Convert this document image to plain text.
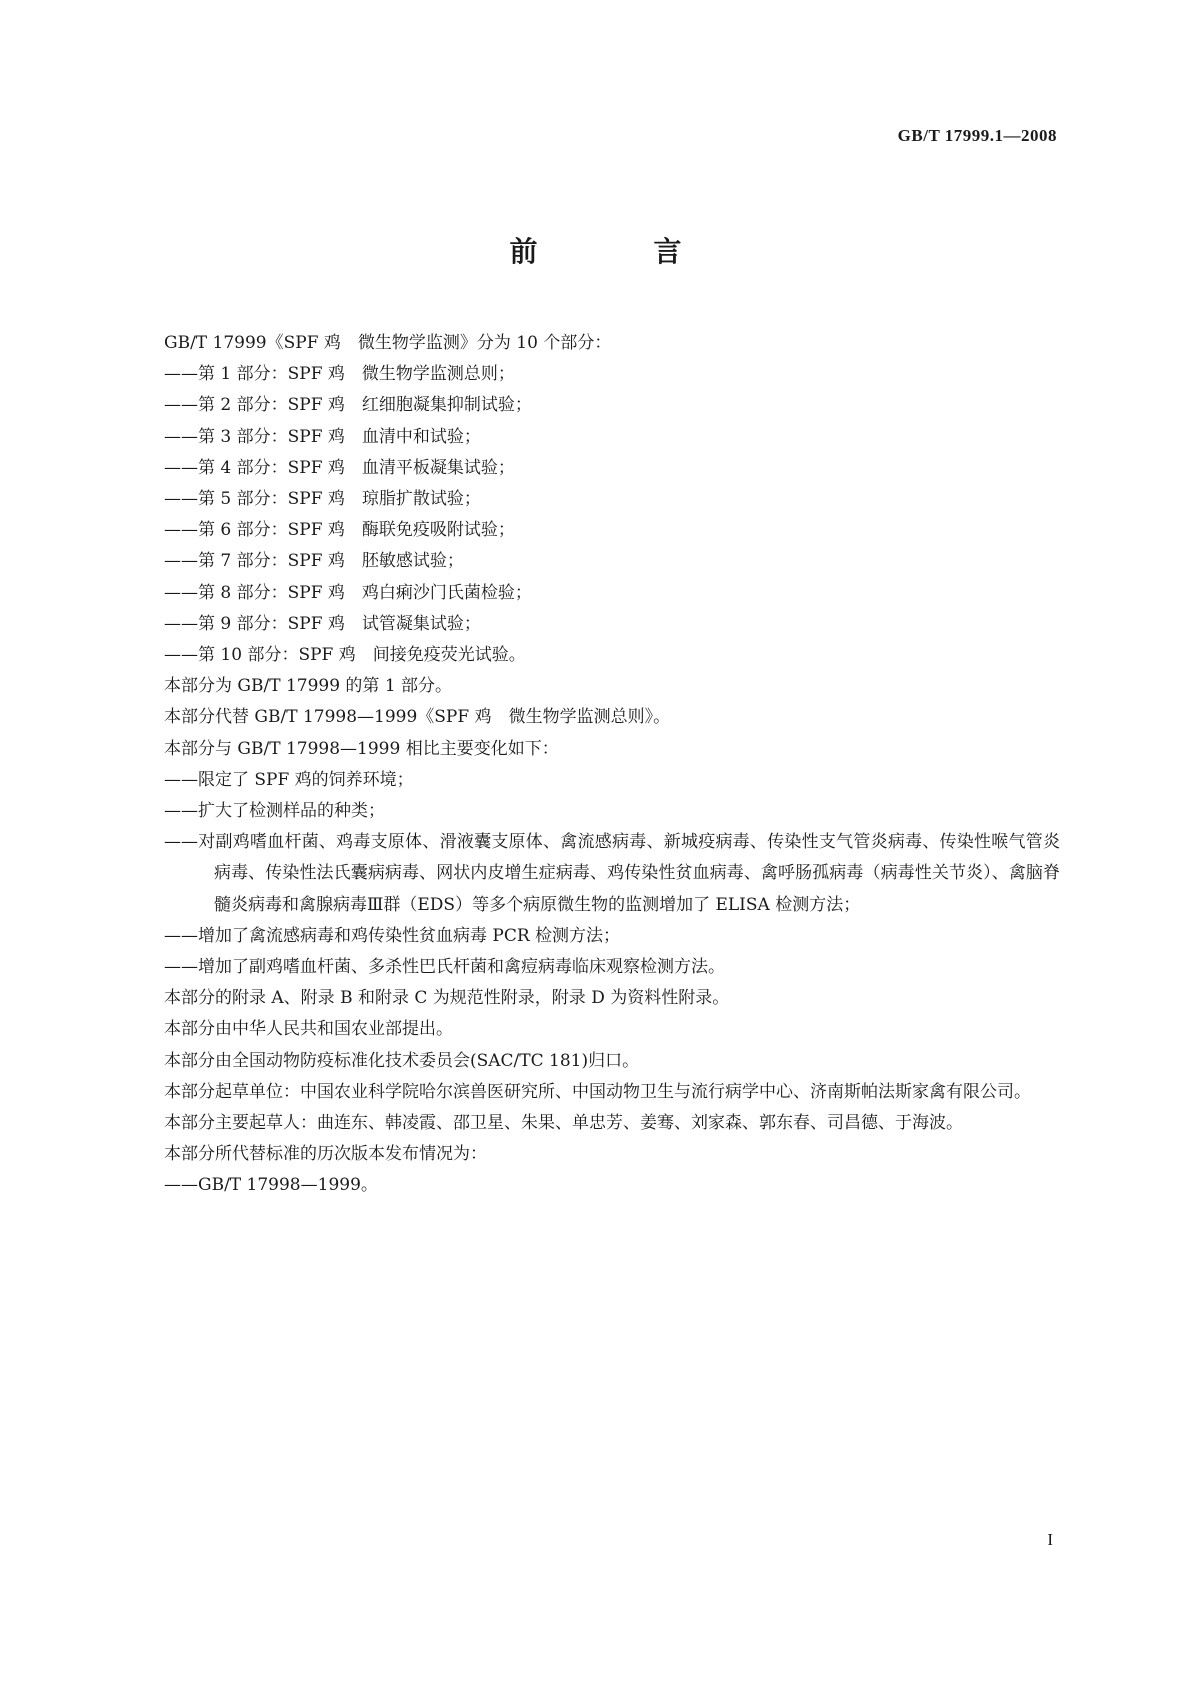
GB/T 17999.1—2008
前　言

GB/T 17999《SPF 鸡　微生物学监测》分为 10 个部分：

——第 1 部分：SPF 鸡　微生物学监测总则；

——第 2 部分：SPF 鸡　红细胞凝集抑制试验；

——第 3 部分：SPF 鸡　血清中和试验；

——第 4 部分：SPF 鸡　血清平板凝集试验；

——第 5 部分：SPF 鸡　琼脂扩散试验；

——第 6 部分：SPF 鸡　酶联免疫吸附试验；

——第 7 部分：SPF 鸡　胚敏感试验；

——第 8 部分：SPF 鸡　鸡白痢沙门氏菌检验；

——第 9 部分：SPF 鸡　试管凝集试验；

——第 10 部分：SPF 鸡　间接免疫荧光试验。

本部分为 GB/T 17999 的第 1 部分。

本部分代替 GB/T 17998—1999《SPF 鸡　微生物学监测总则》。

本部分与 GB/T 17998—1999 相比主要变化如下：

——限定了 SPF 鸡的饲养环境；

——扩大了检测样品的种类；

——对副鸡嗜血杆菌、鸡毒支原体、滑液囊支原体、禽流感病毒、新城疫病毒、传染性支气管炎病毒、传染性喉气管炎病毒、传染性法氏囊病病毒、网状内皮增生症病毒、鸡传染性贫血病毒、禽呼肠孤病毒（病毒性关节炎）、禽脑脊髓炎病毒和禽腺病毒Ⅲ群（EDS）等多个病原微生物的监测增加了 ELISA 检测方法；

——增加了禽流感病毒和鸡传染性贫血病毒 PCR 检测方法；

——增加了副鸡嗜血杆菌、多杀性巴氏杆菌和禽痘病毒临床观察检测方法。

本部分的附录 A、附录 B 和附录 C 为规范性附录，附录 D 为资料性附录。

本部分由中华人民共和国农业部提出。

本部分由全国动物防疫标准化技术委员会(SAC/TC 181)归口。

本部分起草单位：中国农业科学院哈尔滨兽医研究所、中国动物卫生与流行病学中心、济南斯帕法斯家禽有限公司。

本部分主要起草人：曲连东、韩凌霞、邵卫星、朱果、单忠芳、姜骞、刘家森、郭东春、司昌德、于海波。

本部分所代替标准的历次版本发布情况为：

——GB/T 17998—1999。

I
